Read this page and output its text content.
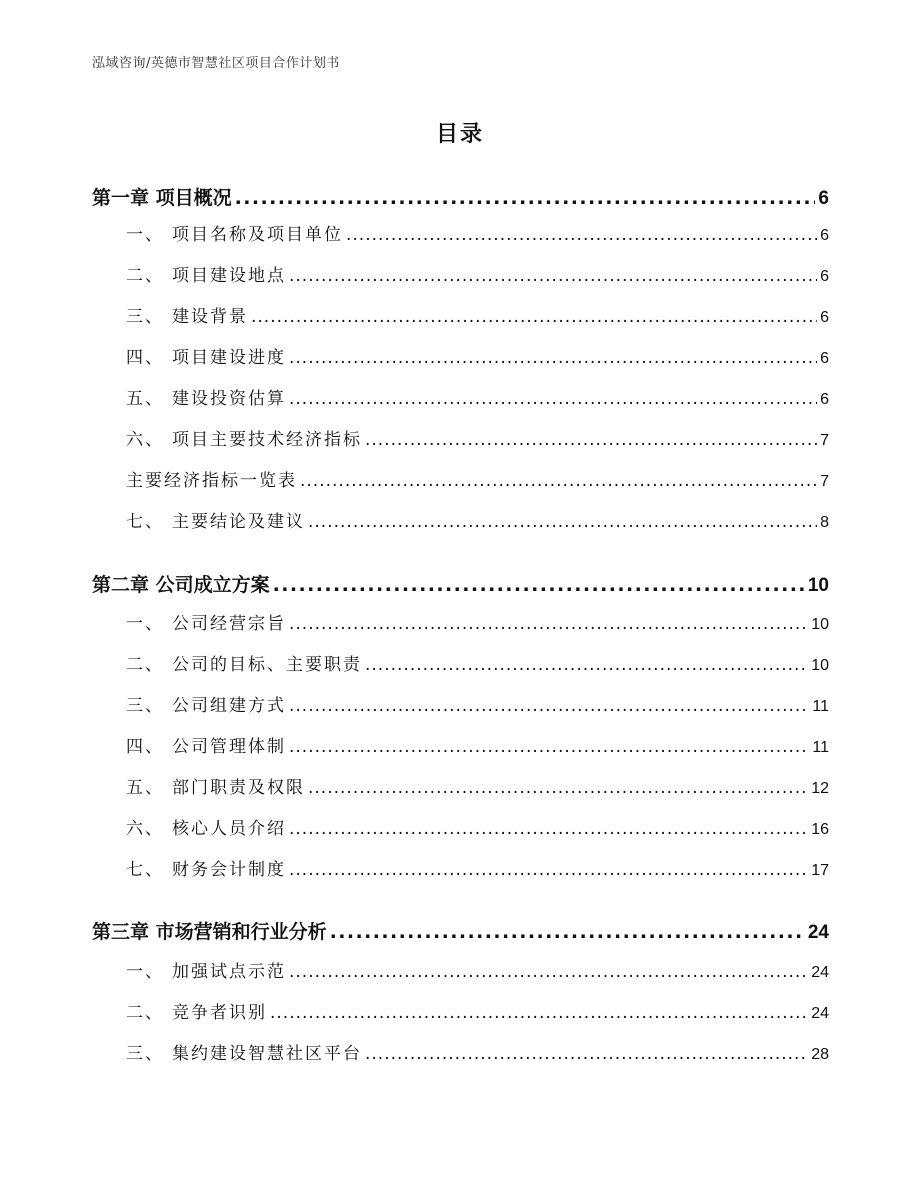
泓域咨询/英德市智慧社区项目合作计划书
目录
第一章 项目概况 .....	6
一、 项目名称及项目单位 .....	6
二、 项目建设地点 .....	6
三、 建设背景 .....	6
四、 项目建设进度 .....	6
五、 建设投资估算 .....	6
六、 项目主要技术经济指标 .....	7
主要经济指标一览表 .....	7
七、 主要结论及建议 .....	8
第二章 公司成立方案 .....	10
一、 公司经营宗旨 .....	10
二、 公司的目标、主要职责 .....	10
三、 公司组建方式 .....	11
四、 公司管理体制 .....	11
五、 部门职责及权限 .....	12
六、 核心人员介绍 .....	16
七、 财务会计制度 .....	17
第三章 市场营销和行业分析 .....	24
一、 加强试点示范 .....	24
二、 竞争者识别 .....	24
三、 集约建设智慧社区平台 .....	28
